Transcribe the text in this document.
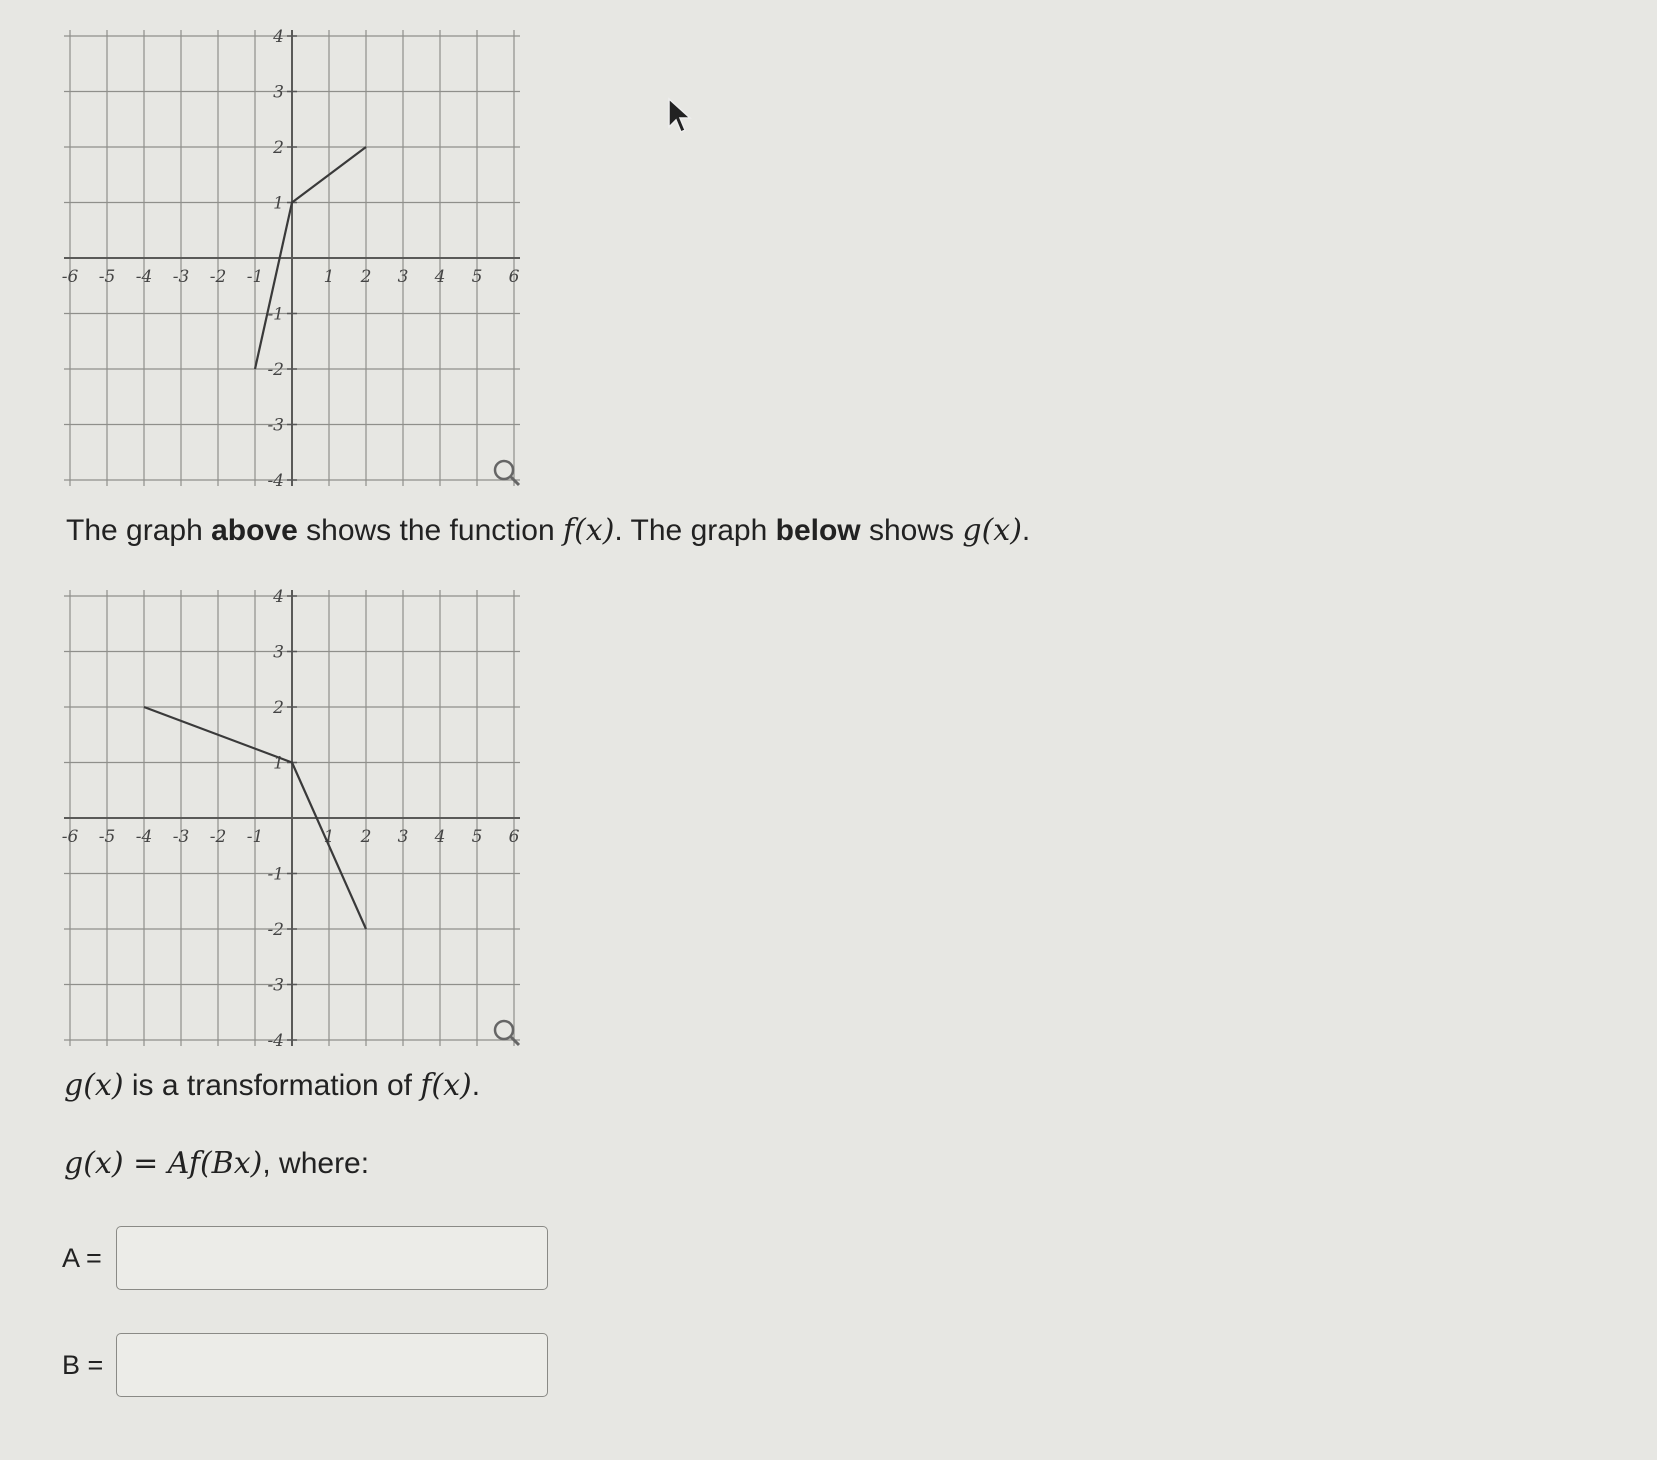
-6 -5 -4 -3 -2 -1	1 2 3 4 5 6
4
3
2
1
-1
-2
-3
-4
The graph above shows the function f(x). The graph below shows g(x).
-6 -5 -4 -3 -2 -1	1 2 3 4 5 6
4
3
2
1
-1
-2
-3
-4
g(x) is a transformation of f(x).
g(x) = Af(Bx), where:
A =
B =
